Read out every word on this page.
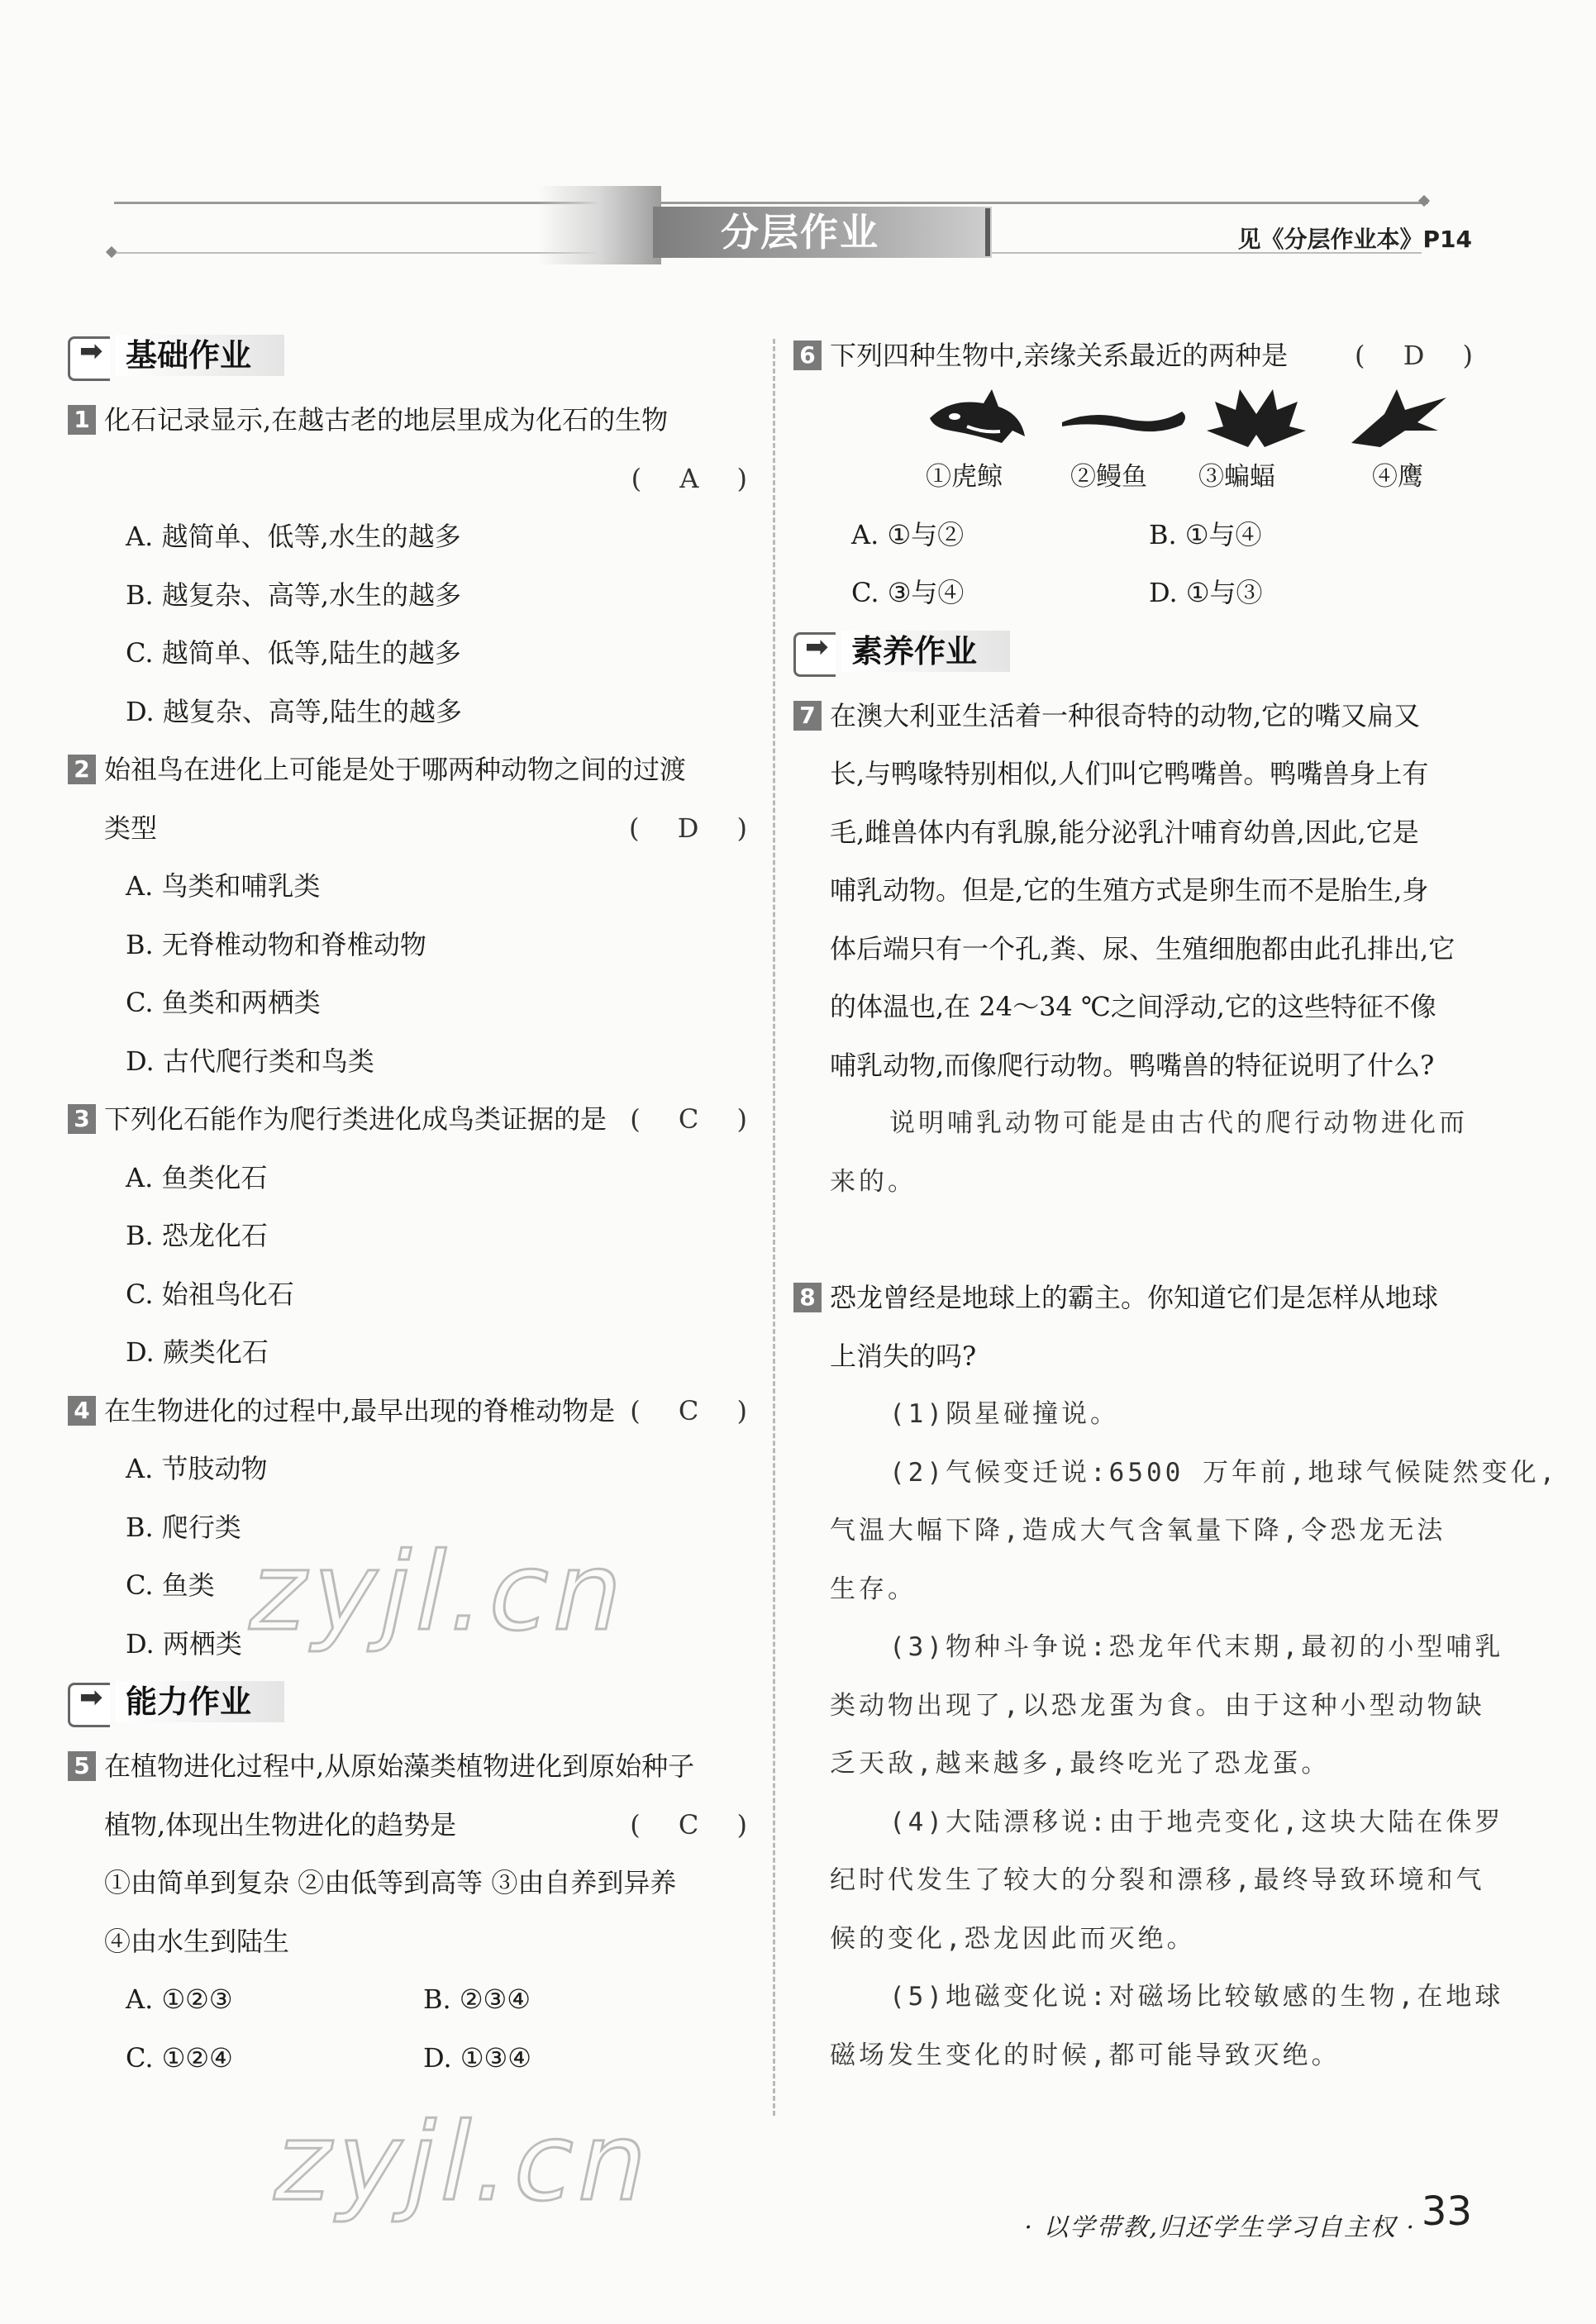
分层作业	见《分层作业本》P14
➡ 基础作业
1 化石记录显示,在越古老的地层里成为化石的生物
( A )

A. 越简单、低等,水生的越多
B. 越复杂、高等,水生的越多
C. 越简单、低等,陆生的越多
D. 越复杂、高等,陆生的越多
2 始祖鸟在进化上可能是处于哪两种动物之间的过渡
类型	( D )
A. 鸟类和哺乳类
B. 无脊椎动物和脊椎动物
C. 鱼类和两栖类
D. 古代爬行类和鸟类
3 下列化石能作为爬行类进化成鸟类证据的是 ( C )
A. 鱼类化石
B. 恐龙化石
C. 始祖鸟化石
D. 蕨类化石
4 在生物进化的过程中,最早出现的脊椎动物是 ( C )
A. 节肢动物
B. 爬行类
C. 鱼类
D. 两栖类
➡ 能力作业
5 在植物进化过程中,从原始藻类植物进化到原始种子
植物,体现出生物进化的趋势是	( C )
①由简单到复杂 ②由低等到高等 ③由自养到异养
④由水生到陆生
A. ①②③	B. ②③④
C. ①②④	D. ①③④
6 下列四种生物中,亲缘关系最近的两种是	( D )
①虎鲸	②鳗鱼 ③蝙蝠	④鹰
A. ①与②	B. ①与④
C. ③与④	D. ①与③
➡ 素养作业
7 在澳大利亚生活着一种很奇特的动物,它的嘴又扁又
长,与鸭喙特别相似,人们叫它鸭嘴兽。鸭嘴兽身上有
毛,雌兽体内有乳腺,能分泌乳汁哺育幼兽,因此,它是
哺乳动物。但是,它的生殖方式是卵生而不是胎生,身
体后端只有一个孔,粪、尿、生殖细胞都由此孔排出,它
的体温也,在 24～34 ℃之间浮动,它的这些特征不像
哺乳动物,而像爬行动物。鸭嘴兽的特征说明了什么?
说明哺乳动物可能是由古代的爬行动物进化而
来的。
8 恐龙曾经是地球上的霸主。你知道它们是怎样从地球
上消失的吗?
(1)陨星碰撞说。
(2)气候变迁说:6500 万年前,地球气候陡然变化,
气温大幅下降,造成大气含氧量下降,令恐龙无法
生存。
(3)物种斗争说:恐龙年代末期,最初的小型哺乳
类动物出现了,以恐龙蛋为食。由于这种小型动物缺
乏天敌,越来越多,最终吃光了恐龙蛋。
(4)大陆漂移说:由于地壳变化,这块大陆在侏罗
纪时代发生了较大的分裂和漂移,最终导致环境和气
候的变化,恐龙因此而灭绝。
(5)地磁变化说:对磁场比较敏感的生物,在地球
磁场发生变化的时候,都可能导致灭绝。
zyjl.cn
zyjl.cn
· 以学带教,归还学生学习自主权 · 33
